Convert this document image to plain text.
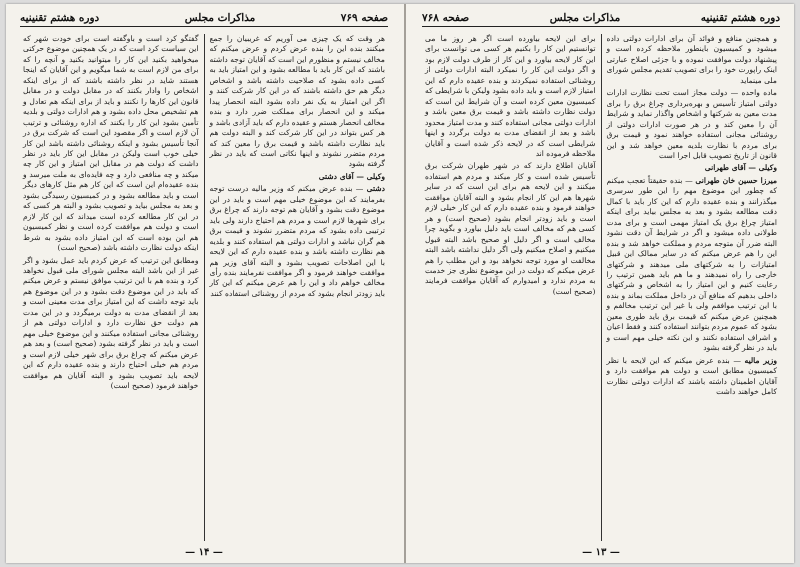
صفحه ۷۶۹
مذاکرات مجلس
دوره هشتم تقنینیه

هر وقت که یک چیزی می آوریم که غریبیان را جمع میکنند بنده این را بنده عرض کردم و عرض میکنم که مخالف نیستم و منظورم این است که آقایان توجه داشته باشند که این کار باید با مطالعه بشود و این امتیاز باید به کسی داده بشود که صلاحیت داشته باشد و اشخاص دیگر هم حق داشته باشند که در این کار شرکت کنند و اگر این امتیاز به یک نفر داده بشود البته انحصار پیدا میکند و این انحصار برای مملکت ضرر دارد و بنده مخالف انحصار هستم و عقیده دارم که باید آزادی باشد و هر کس بتواند در این کار شرکت کند و البته دولت هم باید نظارت داشته باشد و قیمت برق را معین کند که مردم متضرر نشوند و اینها نکاتی است که باید در نظر گرفته بشود

وکیلی — آقای دشتی

دشتی — بنده عرض میکنم که وزیر مالیه درست توجه بفرمایند که این موضوع خیلی مهم است و باید در این موضوع دقت بشود و آقایان هم توجه دارند که چراغ برق برای شهرها لازم است و مردم هم احتیاج دارند ولی باید ترتیبی داده بشود که مردم متضرر نشوند و قیمت برق هم گران نباشد و ادارات دولتی هم استفاده کنند و بلدیه هم نظارت داشته باشد و بنده عقیده دارم که این لایحه با این اصلاحات تصویب بشود و البته آقای وزیر هم موافقت خواهند فرمود و اگر موافقت نفرمایند بنده رأی مخالف خواهم داد و این را هم عرض میکنم که این کار باید زودتر انجام بشود که مردم از روشنائی استفاده کنند

گفتگو کرد است و باوگفته است برای خودت شهر که این سیاست کرد است که در یک همچنین موضوع حرکتی میخواهید بکنید این کار را میتوانید بکنید و آنچه را که برای من لازم است به شما میگویم و این آقایان که اینجا هستند شاید در نظر داشته باشند که از برای اینکه اشخاص را وادار بکنند که در مقابل دولت و در مقابل قانون این کارها را نکنند و باید از برای اینکه هم تعادل و هم تشخیص محل داده بشود و هم ادارات دولتی و بلدیه تأمین بشود این کار را بکنند که اداره روشنائی و ترتیب آن لازم است و اگر مقصود این است که شرکت برق در آنجا تأسیس بشود و اینکه روشنائی داشته باشد این کار خیلی خوب است ولیکن در مقابل این کار باید در نظر داشت که دولت هم در مقابل این امتیاز و این کار چه میکند و چه منافعی دارد و چه فایده‌ای به ملت میرسد و بنده عقیده‌ام این است که این کار هم مثل کارهای دیگر است و باید مطالعه بشود و در کمیسیون رسیدگی بشود و بعد به مجلس بیاید و تصویب بشود و البته هر کسی که در این کار مطالعه کرده است میداند که این کار لازم است و دولت هم موافقت کرده است و نظر کمیسیون هم این بوده است که این امتیاز داده بشود به شرط اینکه دولت نظارت داشته باشد (صحیح است)

ومطابق این ترتیب که عرض کردم باید عمل بشود و اگر غیر از این باشد البته مجلس شورای ملی قبول نخواهد کرد و بنده هم با این ترتیب موافق نیستم و عرض میکنم که باید در این موضوع دقت بشود و در این موضوع هم باید توجه داشت که این امتیاز برای مدت معینی است و بعد از انقضای مدت به دولت برمیگردد و در این مدت هم دولت حق نظارت دارد و ادارات دولتی هم از روشنائی مجانی استفاده میکنند و این موضوع خیلی مهم است و باید در نظر گرفته بشود (صحیح است) و بعد هم عرض میکنم که چراغ برق برای شهر خیلی لازم است و مردم هم خیلی احتیاج دارند و بنده عقیده دارم که این لایحه باید تصویب بشود و البته آقایان هم موافقت خواهند فرمود (صحیح است)

— ۱۴ —
دوره هشتم تقنینیه
مذاکرات مجلس
صفحه ۷۶۸

و همچنین منافع و فوائد آن برای ادارات دولتی داده میشود و کمیسیون باینطور ملاحظه کرده است و پیشنهاد دولت موافقت نموده و با جزئی اصلاح عبارتی اینک راپورت خود را برای تصویب تقدیم مجلس شورای ملی مینماید

ماده واحده — دولت مجاز است تحت نظارت ادارات دولتی امتیاز تأسیس و بهره‌برداری چراغ برق را برای مدت معین به شرکتها و اشخاص واگذار نماید و شرایط آن را معین کند و در هر صورت ادارات دولتی از روشنائی مجانی استفاده خواهند نمود و قیمت برق برای مردم با نظارت بلدیه معین خواهد شد و این قانون از تاریخ تصویب قابل اجرا است

وکیلی — آقای طهرانی

میرزا حسین خان طهرانی — بنده حقیقتاً تعجب میکنم که چطور این موضوع مهم را این طور سرسری میگذرانند و بنده عقیده دارم که این کار باید با کمال دقت مطالعه بشود و بعد به مجلس بیاید برای اینکه امتیاز چراغ برق یک امتیاز مهمی است و برای مدت طولانی داده میشود و اگر در شرایط آن دقت نشود البته ضرر آن متوجه مردم و مملکت خواهد شد و بنده این را هم عرض میکنم که در سایر ممالک این قبیل امتیازات را به شرکتهای ملی میدهند و شرکتهای خارجی را راه نمیدهند و ما هم باید همین ترتیب را رعایت کنیم و این امتیاز را به اشخاص و شرکتهای داخلی بدهیم که منافع آن در داخل مملکت بماند و بنده با این ترتیب موافقم ولی با غیر این ترتیب مخالفم و همچنین عرض میکنم که قیمت برق باید طوری معین بشود که عموم مردم بتوانند استفاده کنند و فقط اعیان و اشراف استفاده نکنند و این نکته خیلی مهم است و باید در نظر گرفته بشود

وزیر مالیه — بنده عرض میکنم که این لایحه با نظر کمیسیون مطابق است و دولت هم موافقت دارد و آقایان اطمینان داشته باشند که ادارات دولتی نظارت کامل خواهند داشت

برای این لایحه بیاورده است اگر هر روز ما می توانستیم این کار را بکنیم هر کسی می توانست برای این کار لایحه بیاورد و این کار از طرف دولت لازم بود و اگر دولت این کار را نمیکرد البته ادارات دولتی از روشنائی استفاده نمیکردند و بنده عقیده دارم که این امتیاز لازم است و باید داده بشود ولیکن با شرایطی که کمیسیون معین کرده است و آن شرایط این است که دولت نظارت داشته باشد و قیمت برق معین باشد و ادارات دولتی مجانی استفاده کنند و مدت امتیاز محدود باشد و بعد از انقضای مدت به دولت برگردد و اینها شرایطی است که در لایحه ذکر شده است و آقایان ملاحظه فرموده اند

آقایان اطلاع دارند که در شهر طهران شرکت برق تأسیس شده است و کار میکند و مردم هم استفاده میکنند و این لایحه هم برای این است که در سایر شهرها هم این کار انجام بشود و البته آقایان موافقت خواهند فرمود و بنده عقیده دارم که این کار خیلی لازم است و باید زودتر انجام بشود (صحیح است) و هر کسی هم که مخالف است باید دلیل بیاورد و بگوید چرا مخالف است و اگر دلیل او صحیح باشد البته قبول میکنیم و اصلاح میکنیم ولی اگر دلیل نداشته باشد البته مخالفت او مورد توجه نخواهد بود و این مطلب را هم عرض میکنم که دولت در این موضوع نظری جز خدمت به مردم ندارد و امیدوارم که آقایان موافقت فرمایند (صحیح است)

— ۱۳ —
